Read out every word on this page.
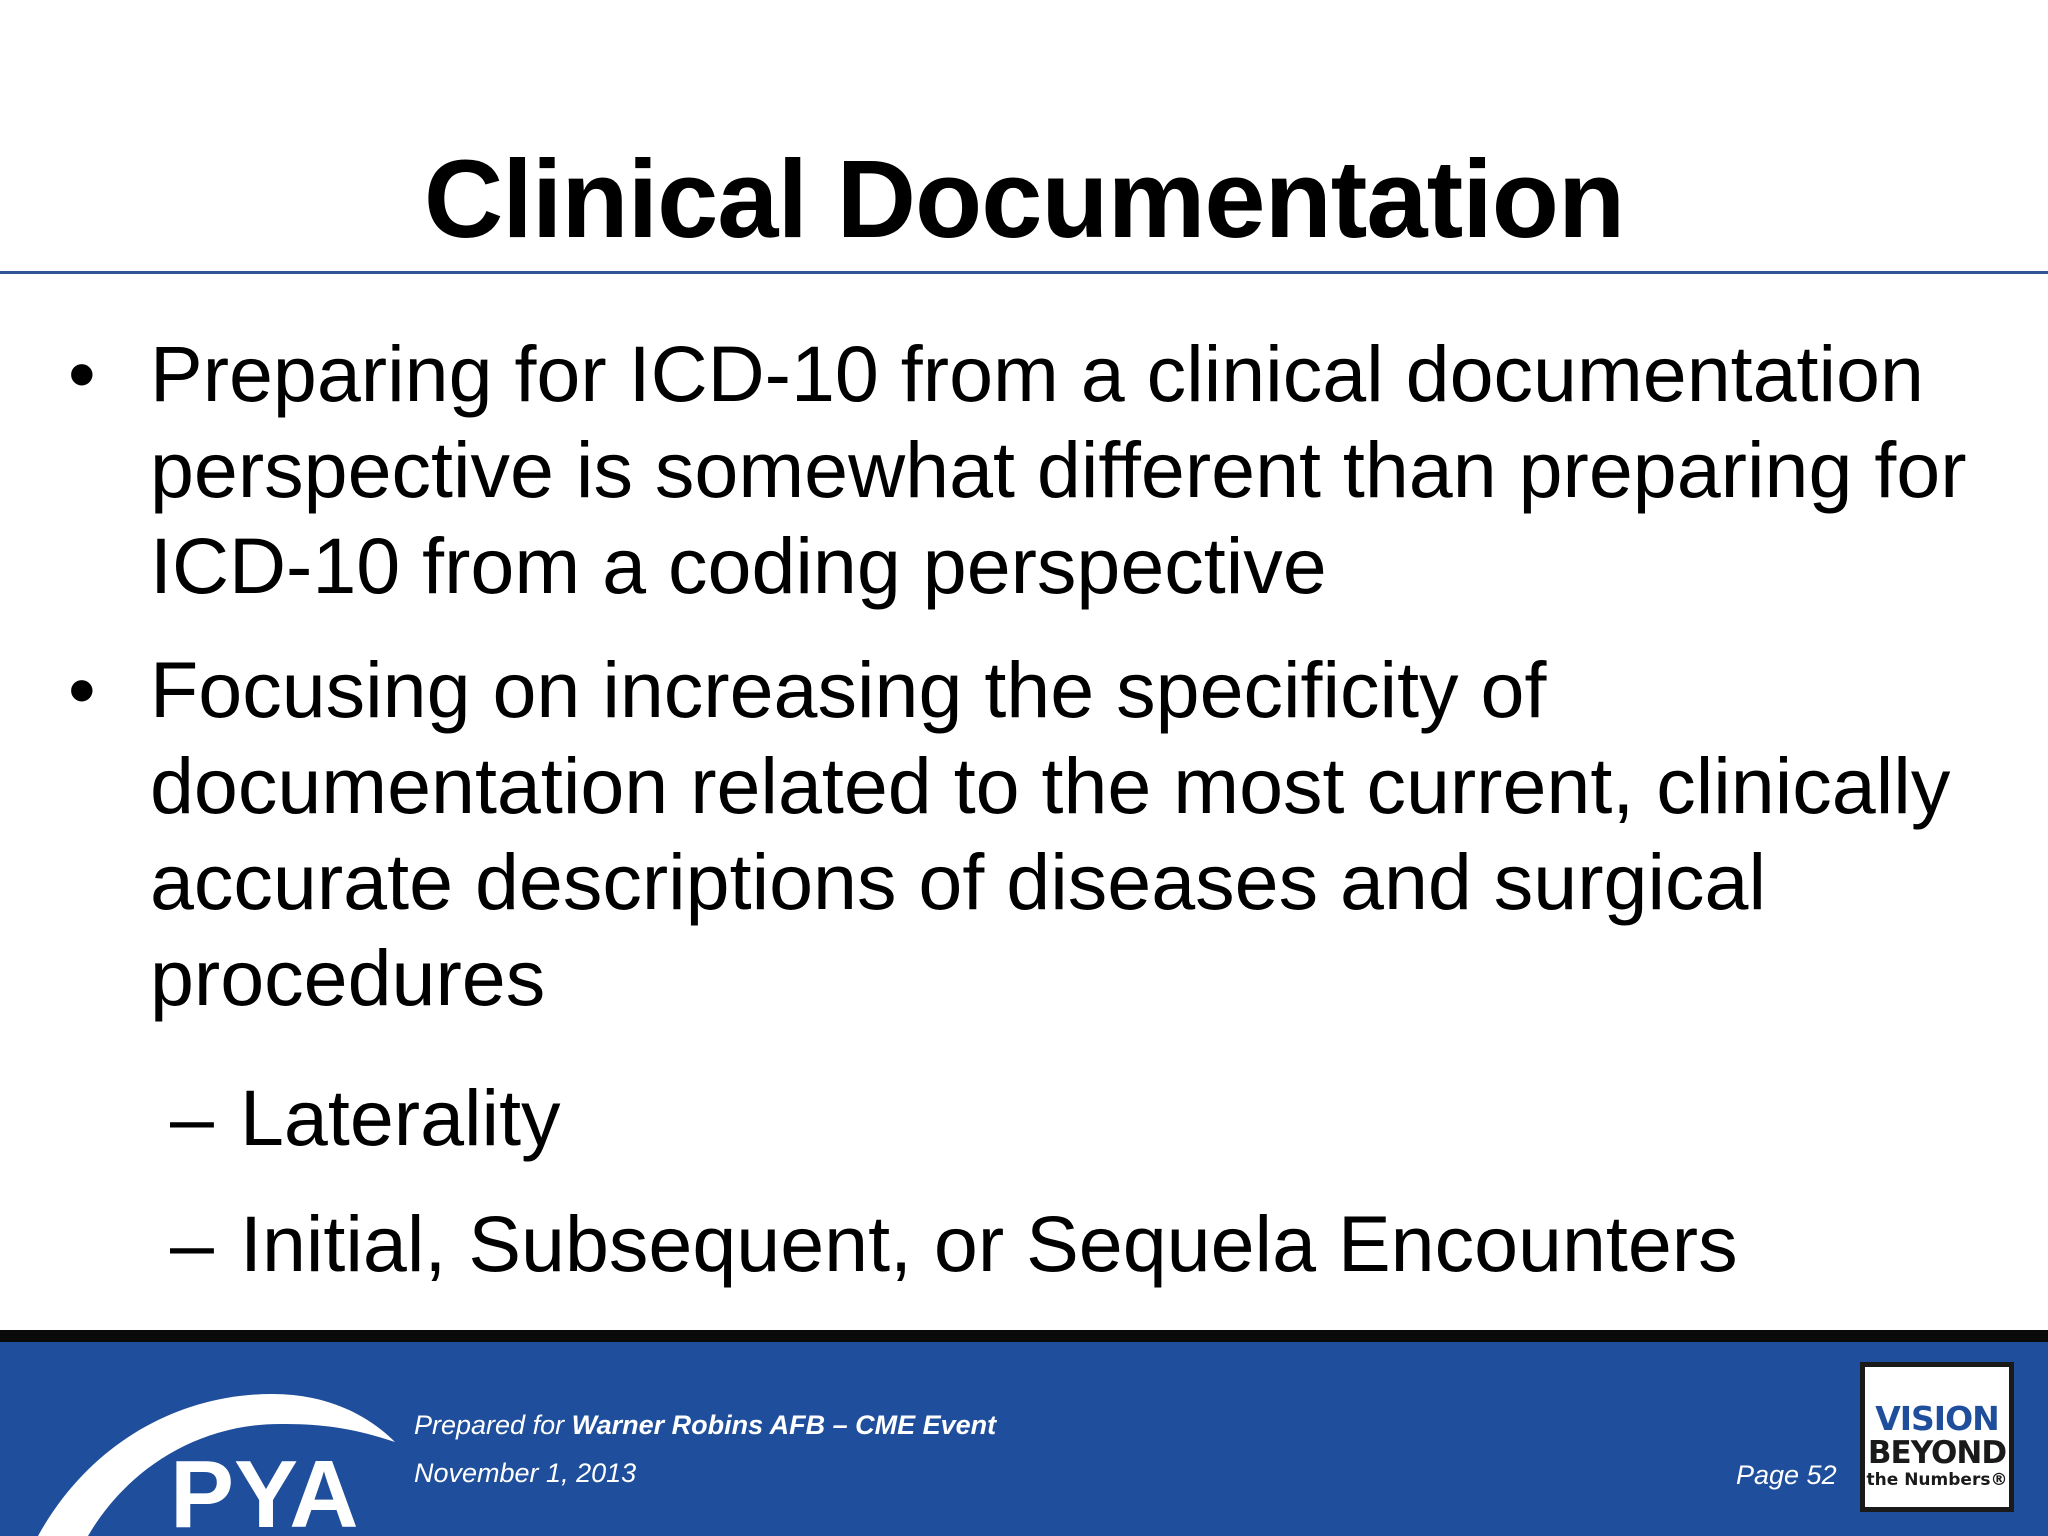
Clinical Documentation
• Preparing for ICD-10 from a clinical documentation perspective is somewhat different than preparing for ICD-10 from a coding perspective
• Focusing on increasing the specificity of documentation related to the most current, clinically accurate descriptions of diseases and surgical procedures
– Laterality
– Initial, Subsequent, or Sequela Encounters
PYA
Prepared for Warner Robins AFB – CME Event
November 1, 2013	Page 52
VISION
BEYOND
the Numbers®
